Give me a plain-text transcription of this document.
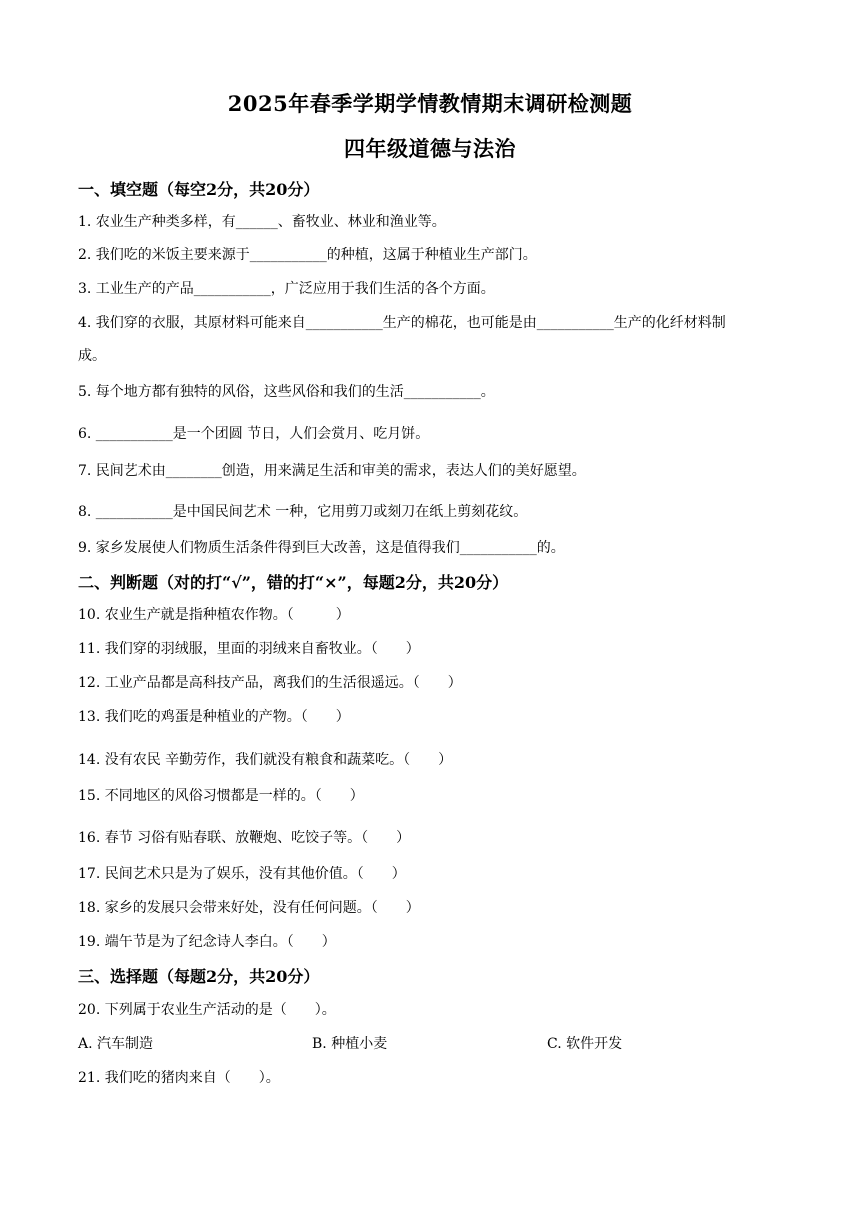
2025年春季学期学情教情期末调研检测题
四年级道德与法治
一、填空题（每空2分，共20分）
1. 农业生产种类多样，有______、畜牧业、林业和渔业等。
2. 我们吃的米饭主要来源于___________的种植，这属于种植业生产部门。
3. 工业生产的产品___________，广泛应用于我们生活的各个方面。
4. 我们穿的衣服，其原材料可能来自___________生产的棉花，也可能是由___________生产的化纤材料制
成。
5. 每个地方都有独特的风俗，这些风俗和我们的生活___________。
6. ___________是一个团圆 节日，人们会赏月、吃月饼。
7. 民间艺术由________创造，用来满足生活和审美的需求，表达人们的美好愿望。
8. ___________是中国民间艺术 一种，它用剪刀或刻刀在纸上剪刻花纹。
9. 家乡发展使人们物质生活条件得到巨大改善，这是值得我们___________的。
二、判断题（对的打“√”，错的打“×”，每题2分，共20分）
10. 农业生产就是指种植农作物。（　　　）
11. 我们穿的羽绒服，里面的羽绒来自畜牧业。（　　）
12. 工业产品都是高科技产品，离我们的生活很遥远。（　　）
13. 我们吃的鸡蛋是种植业的产物。（　　）
14. 没有农民 辛勤劳作，我们就没有粮食和蔬菜吃。（　　）
15. 不同地区的风俗习惯都是一样的。（　　）
16. 春节 习俗有贴春联、放鞭炮、吃饺子等。（　　）
17. 民间艺术只是为了娱乐，没有其他价值。（　　）
18. 家乡的发展只会带来好处，没有任何问题。（　　）
19. 端午节是为了纪念诗人李白。（　　）
三、选择题（每题2分，共20分）
20. 下列属于农业生产活动的是（　　）。
A. 汽车制造	B. 种植小麦	C. 软件开发
21. 我们吃的猪肉来自（　　）。
